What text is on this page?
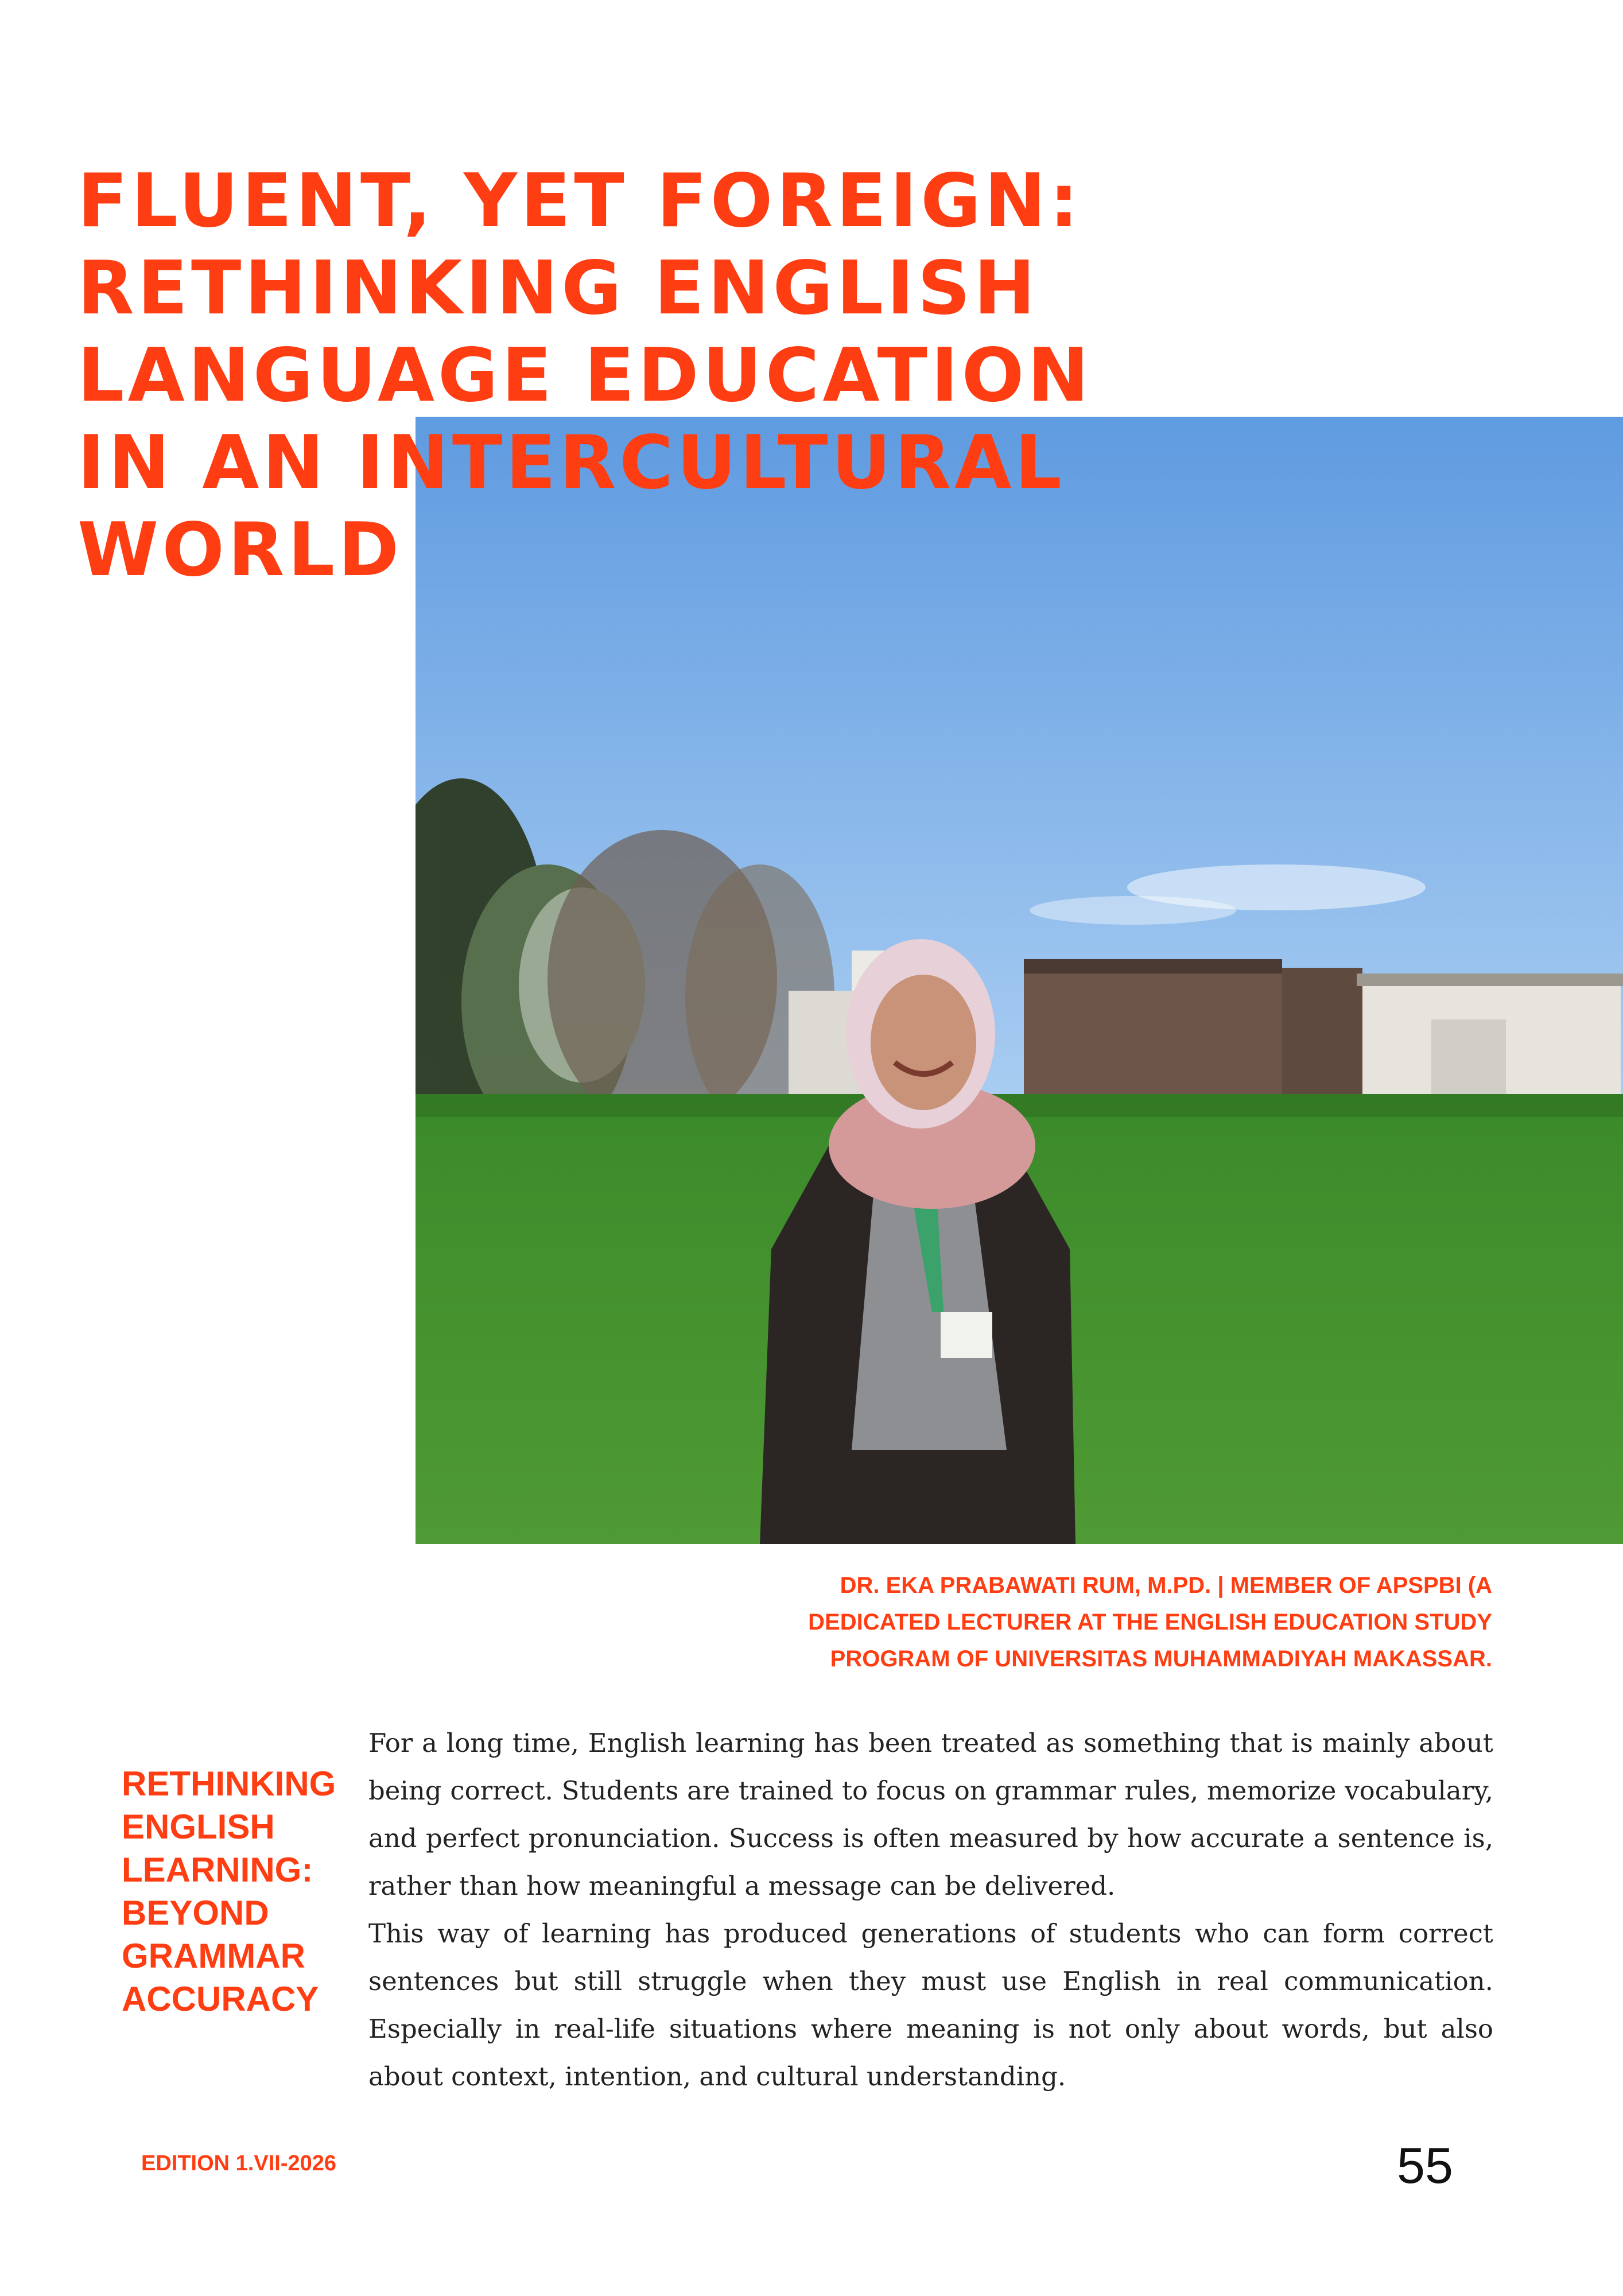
FLUENT, YET FOREIGN:
RETHINKING ENGLISH
LANGUAGE EDUCATION
IN AN INTERCULTURAL
WORLD
DR. EKA PRABAWATI RUM, M.PD. | MEMBER OF APSPBI (A
DEDICATED LECTURER AT THE ENGLISH EDUCATION STUDY
PROGRAM OF UNIVERSITAS MUHAMMADIYAH MAKASSAR.
RETHINKING
ENGLISH
LEARNING:
BEYOND
GRAMMAR
ACCURACY

For a long time, English learning has been treated as something that is mainly about being correct. Students are trained to focus on grammar rules, memorize vocabulary, and perfect pronunciation. Success is often measured by how accurate a sentence is, rather than how meaningful a message can be delivered.

This way of learning has produced generations of students who can form correct sentences but still struggle when they must use English in real communication. Especially in real-life situations where meaning is not only about words, but also about context, intention, and cultural understanding.

EDITION 1.VII-2026	55
